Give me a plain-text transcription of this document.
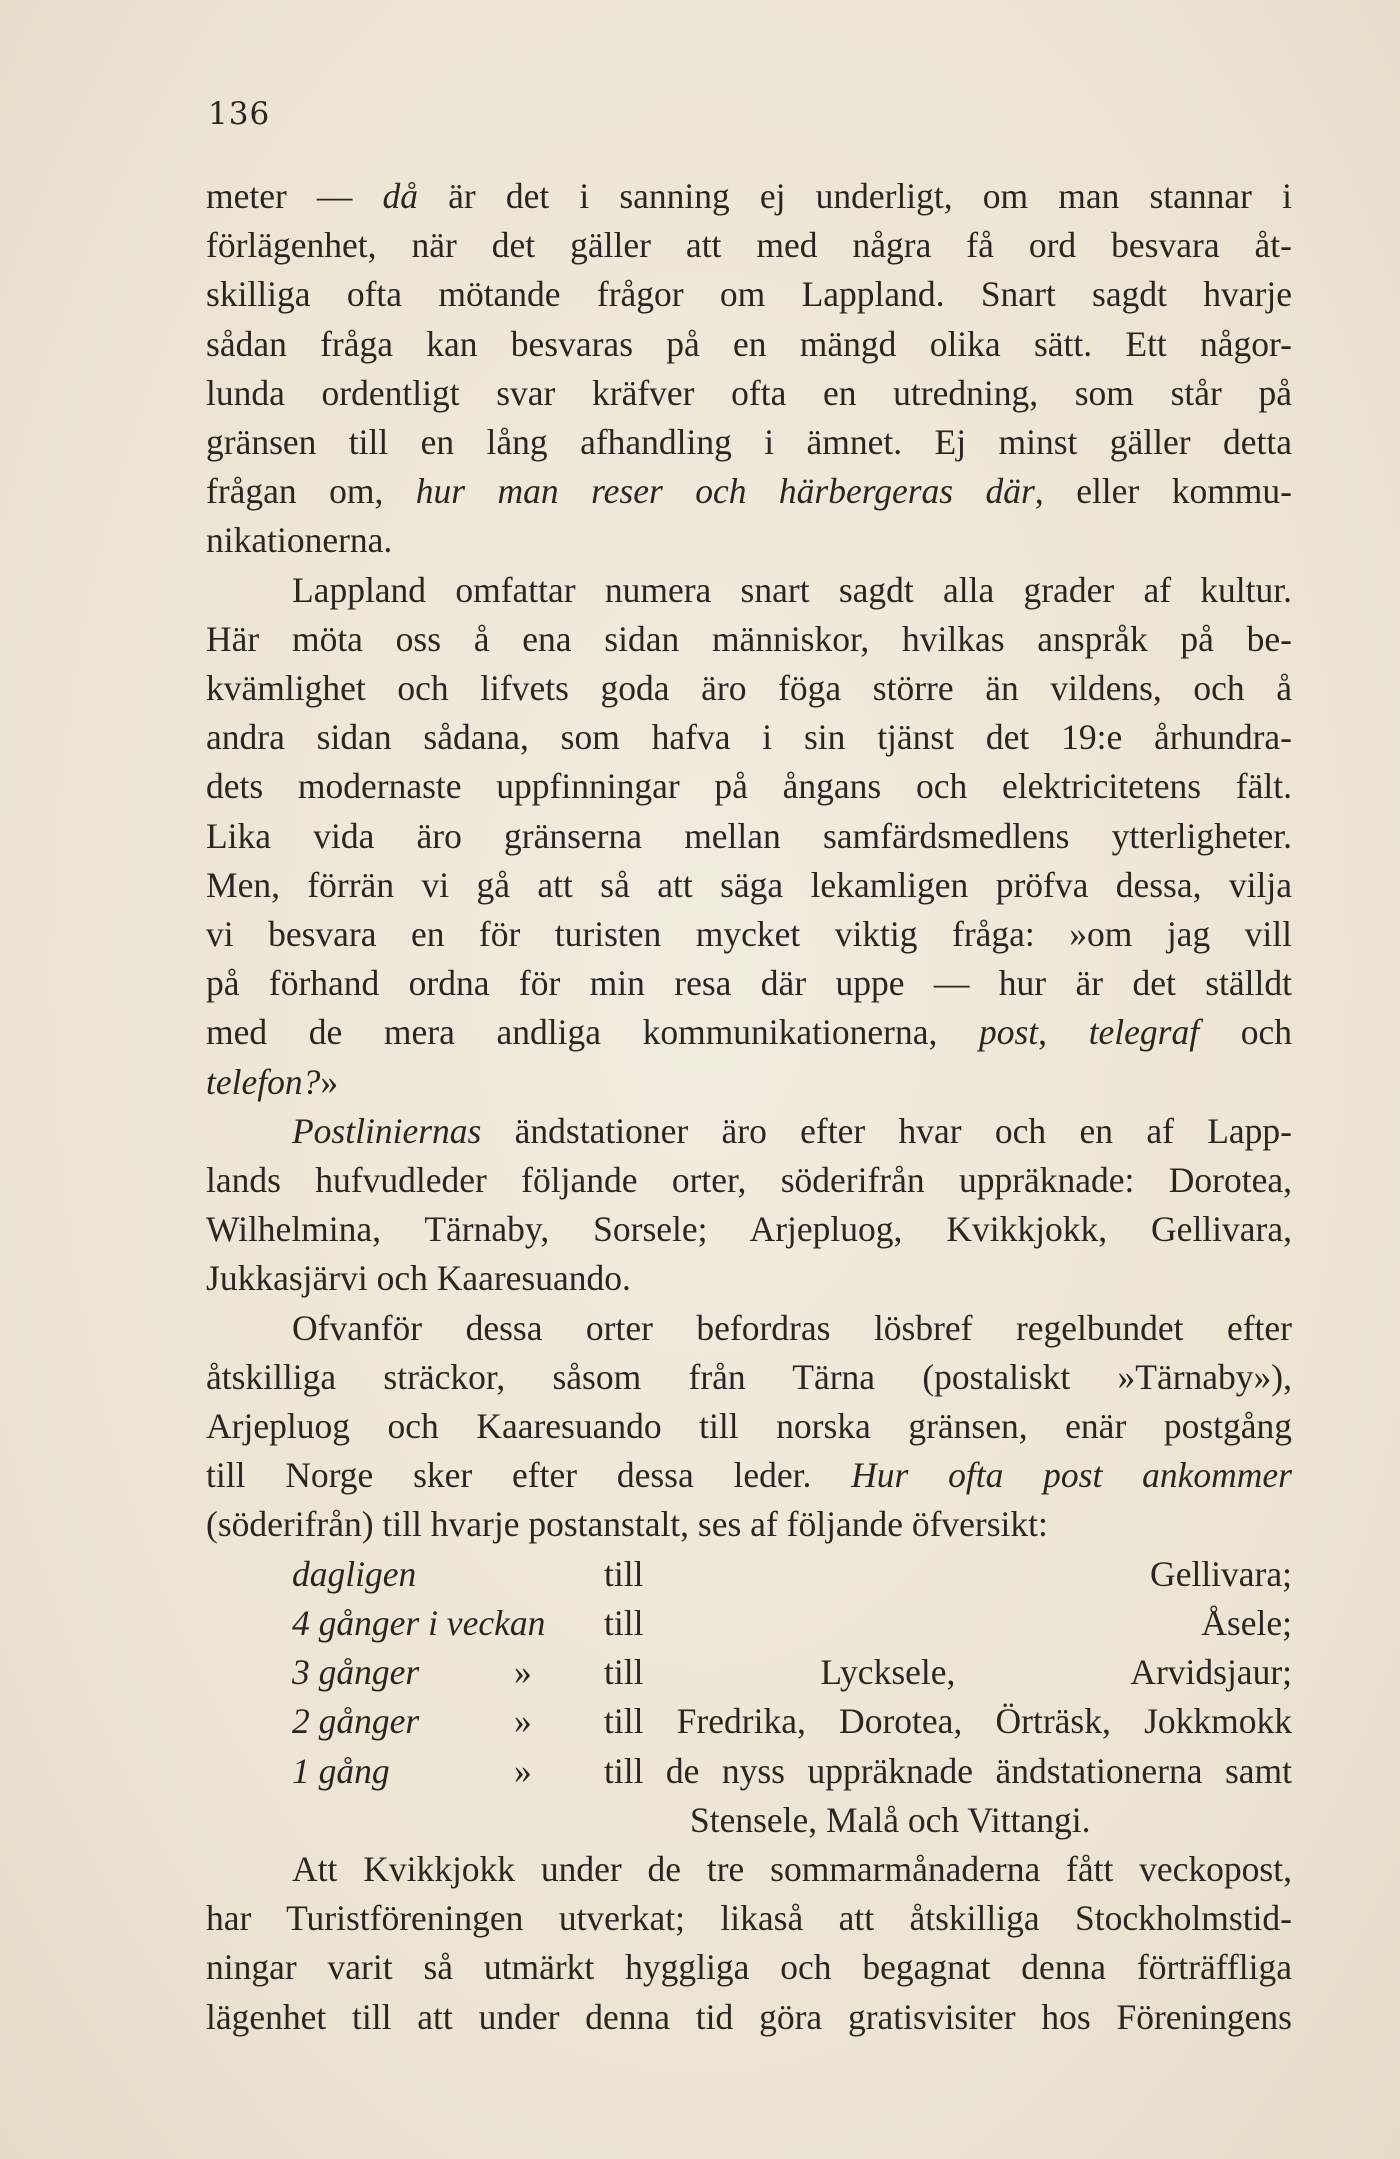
136
meter — då är det i sanning ej underligt, om man stannar i
förlägenhet, när det gäller att med några få ord besvara åt-
skilliga ofta mötande frågor om Lappland. Snart sagdt hvarje
sådan fråga kan besvaras på en mängd olika sätt. Ett någor-
lunda ordentligt svar kräfver ofta en utredning, som står på
gränsen till en lång afhandling i ämnet. Ej minst gäller detta
frågan om, hur man reser och härbergeras där, eller kommu-
nikationerna.
Lappland omfattar numera snart sagdt alla grader af kultur.
Här möta oss å ena sidan människor, hvilkas anspråk på be-
kvämlighet och lifvets goda äro föga större än vildens, och å
andra sidan sådana, som hafva i sin tjänst det 19:e århundra-
dets modernaste uppfinningar på ångans och elektricitetens fält.
Lika vida äro gränserna mellan samfärdsmedlens ytterligheter.
Men, förrän vi gå att så att säga lekamligen pröfva dessa, vilja
vi besvara en för turisten mycket viktig fråga: »om jag vill
på förhand ordna för min resa där uppe — hur är det ställdt
med de mera andliga kommunikationerna, post, telegraf och
telefon?»
Postliniernas ändstationer äro efter hvar och en af Lapp-
lands hufvudleder följande orter, söderifrån uppräknade: Dorotea,
Wilhelmina, Tärnaby, Sorsele; Arjepluog, Kvikkjokk, Gellivara,
Jukkasjärvi och Kaaresuando.
Ofvanför dessa orter befordras lösbref regelbundet efter
åtskilliga sträckor, såsom från Tärna (postaliskt »Tärnaby»),
Arjepluog och Kaaresuando till norska gränsen, enär postgång
till Norge sker efter dessa leder. Hur ofta post ankommer
(söderifrån) till hvarje postanstalt, ses af följande öfversikt:
dagligen	till Gellivara;
4 gånger i veckan till Åsele;
3 gånger	»	till Lycksele, Arvidsjaur;
2 gånger	»	till Fredrika, Dorotea, Örträsk, Jokkmokk
1 gång	»	till de nyss uppräknade ändstationerna samt
Stensele, Malå och Vittangi.
Att Kvikkjokk under de tre sommarmånaderna fått veckopost,
har Turistföreningen utverkat; likaså att åtskilliga Stockholmstid-
ningar varit så utmärkt hyggliga och begagnat denna förträffliga
lägenhet till att under denna tid göra gratisvisiter hos Föreningens
